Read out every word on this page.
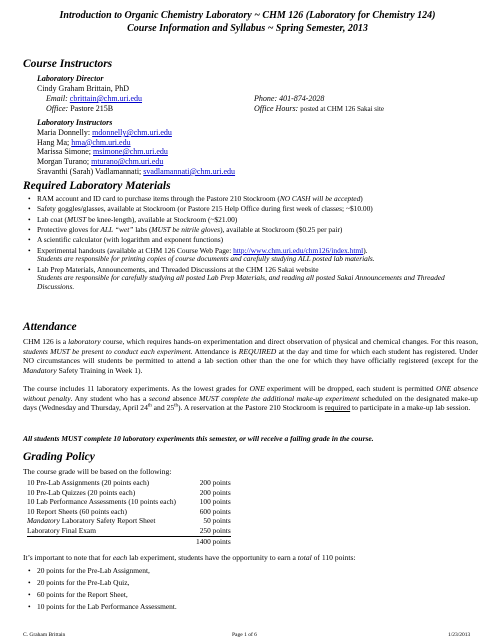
Introduction to Organic Chemistry Laboratory ~ CHM 126 (Laboratory for Chemistry 124)
Course Information and Syllabus ~ Spring Semester, 2013
Course Instructors
Laboratory Director
Cindy Graham Brittain, PhD
Email: cbrittain@chm.uri.edu	Phone: 401-874-2028
Office: Pastore 215B	Office Hours: posted at CHM 126 Sakai site
Laboratory Instructors
Maria Donnelly: mdonnelly@chm.uri.edu
Hang Ma; hma@chm.uri.edu
Marissa Simone; msimone@chm.uri.edu
Morgan Turano; mturano@chm.uri.edu
Sravanthi (Sarah) Vadlamannati; svadlamannati@chm.uri.edu
Required Laboratory Materials
• RAM account and ID card to purchase items through the Pastore 210 Stockroom (NO CASH will be accepted)
• Safety goggles/glasses, available at Stockroom (or Pastore 215 Help Office during first week of classes; ~$10.00)
• Lab coat (MUST be knee-length), available at Stockroom (~$21.00)
• Protective gloves for ALL “wet” labs (MUST be nitrile gloves), available at Stockroom ($0.25 per pair)
• A scientific calculator (with logarithm and exponent functions)
• Experimental handouts (available at CHM 126 Course Web Page: http://www.chm.uri.edu/chm126/index.html).
Students are responsible for printing copies of course documents and carefully studying ALL posted lab materials.
• Lab Prep Materials, Announcements, and Threaded Discussions at the CHM 126 Sakai website
Students are responsible for carefully studying all posted Lab Prep Materials, and reading all posted Sakai Announcements and Threaded Discussions.
Attendance
CHM 126 is a laboratory course, which requires hands-on experimentation and direct observation of physical and chemical changes. For this reason, students MUST be present to conduct each experiment. Attendance is REQUIRED at the day and time for which each student has registered. Under NO circumstances will students be permitted to attend a lab section other than the one for which they have officially registered (except for the Mandatory Safety Training in Week 1).
The course includes 11 laboratory experiments. As the lowest grades for ONE experiment will be dropped, each student is permitted ONE absence without penalty. Any student who has a second absence MUST complete the additional make-up experiment scheduled on the designated make-up days (Wednesday and Thursday, April 24th and 25th). A reservation at the Pastore 210 Stockroom is required to participate in a make-up lab session.
All students MUST complete 10 laboratory experiments this semester, or will receive a failing grade in the course.
Grading Policy
The course grade will be based on the following:
10 Pre-Lab Assignments (20 points each)	200 points
10 Pre-Lab Quizzes (20 points each)	200 points
10 Lab Performance Assessments (10 points each)	100 points
10 Report Sheets (60 points each)	600 points
Mandatory Laboratory Safety Report Sheet	50 points
Laboratory Final Exam	250 points
	1400 points
It’s important to note that for each lab experiment, students have the opportunity to earn a total of 110 points:
• 20 points for the Pre-Lab Assignment,
• 20 points for the Pre-Lab Quiz,
• 60 points for the Report Sheet,
• 10 points for the Lab Performance Assessment.
C. Graham Brittain	Page 1 of 6	1/23/2013
